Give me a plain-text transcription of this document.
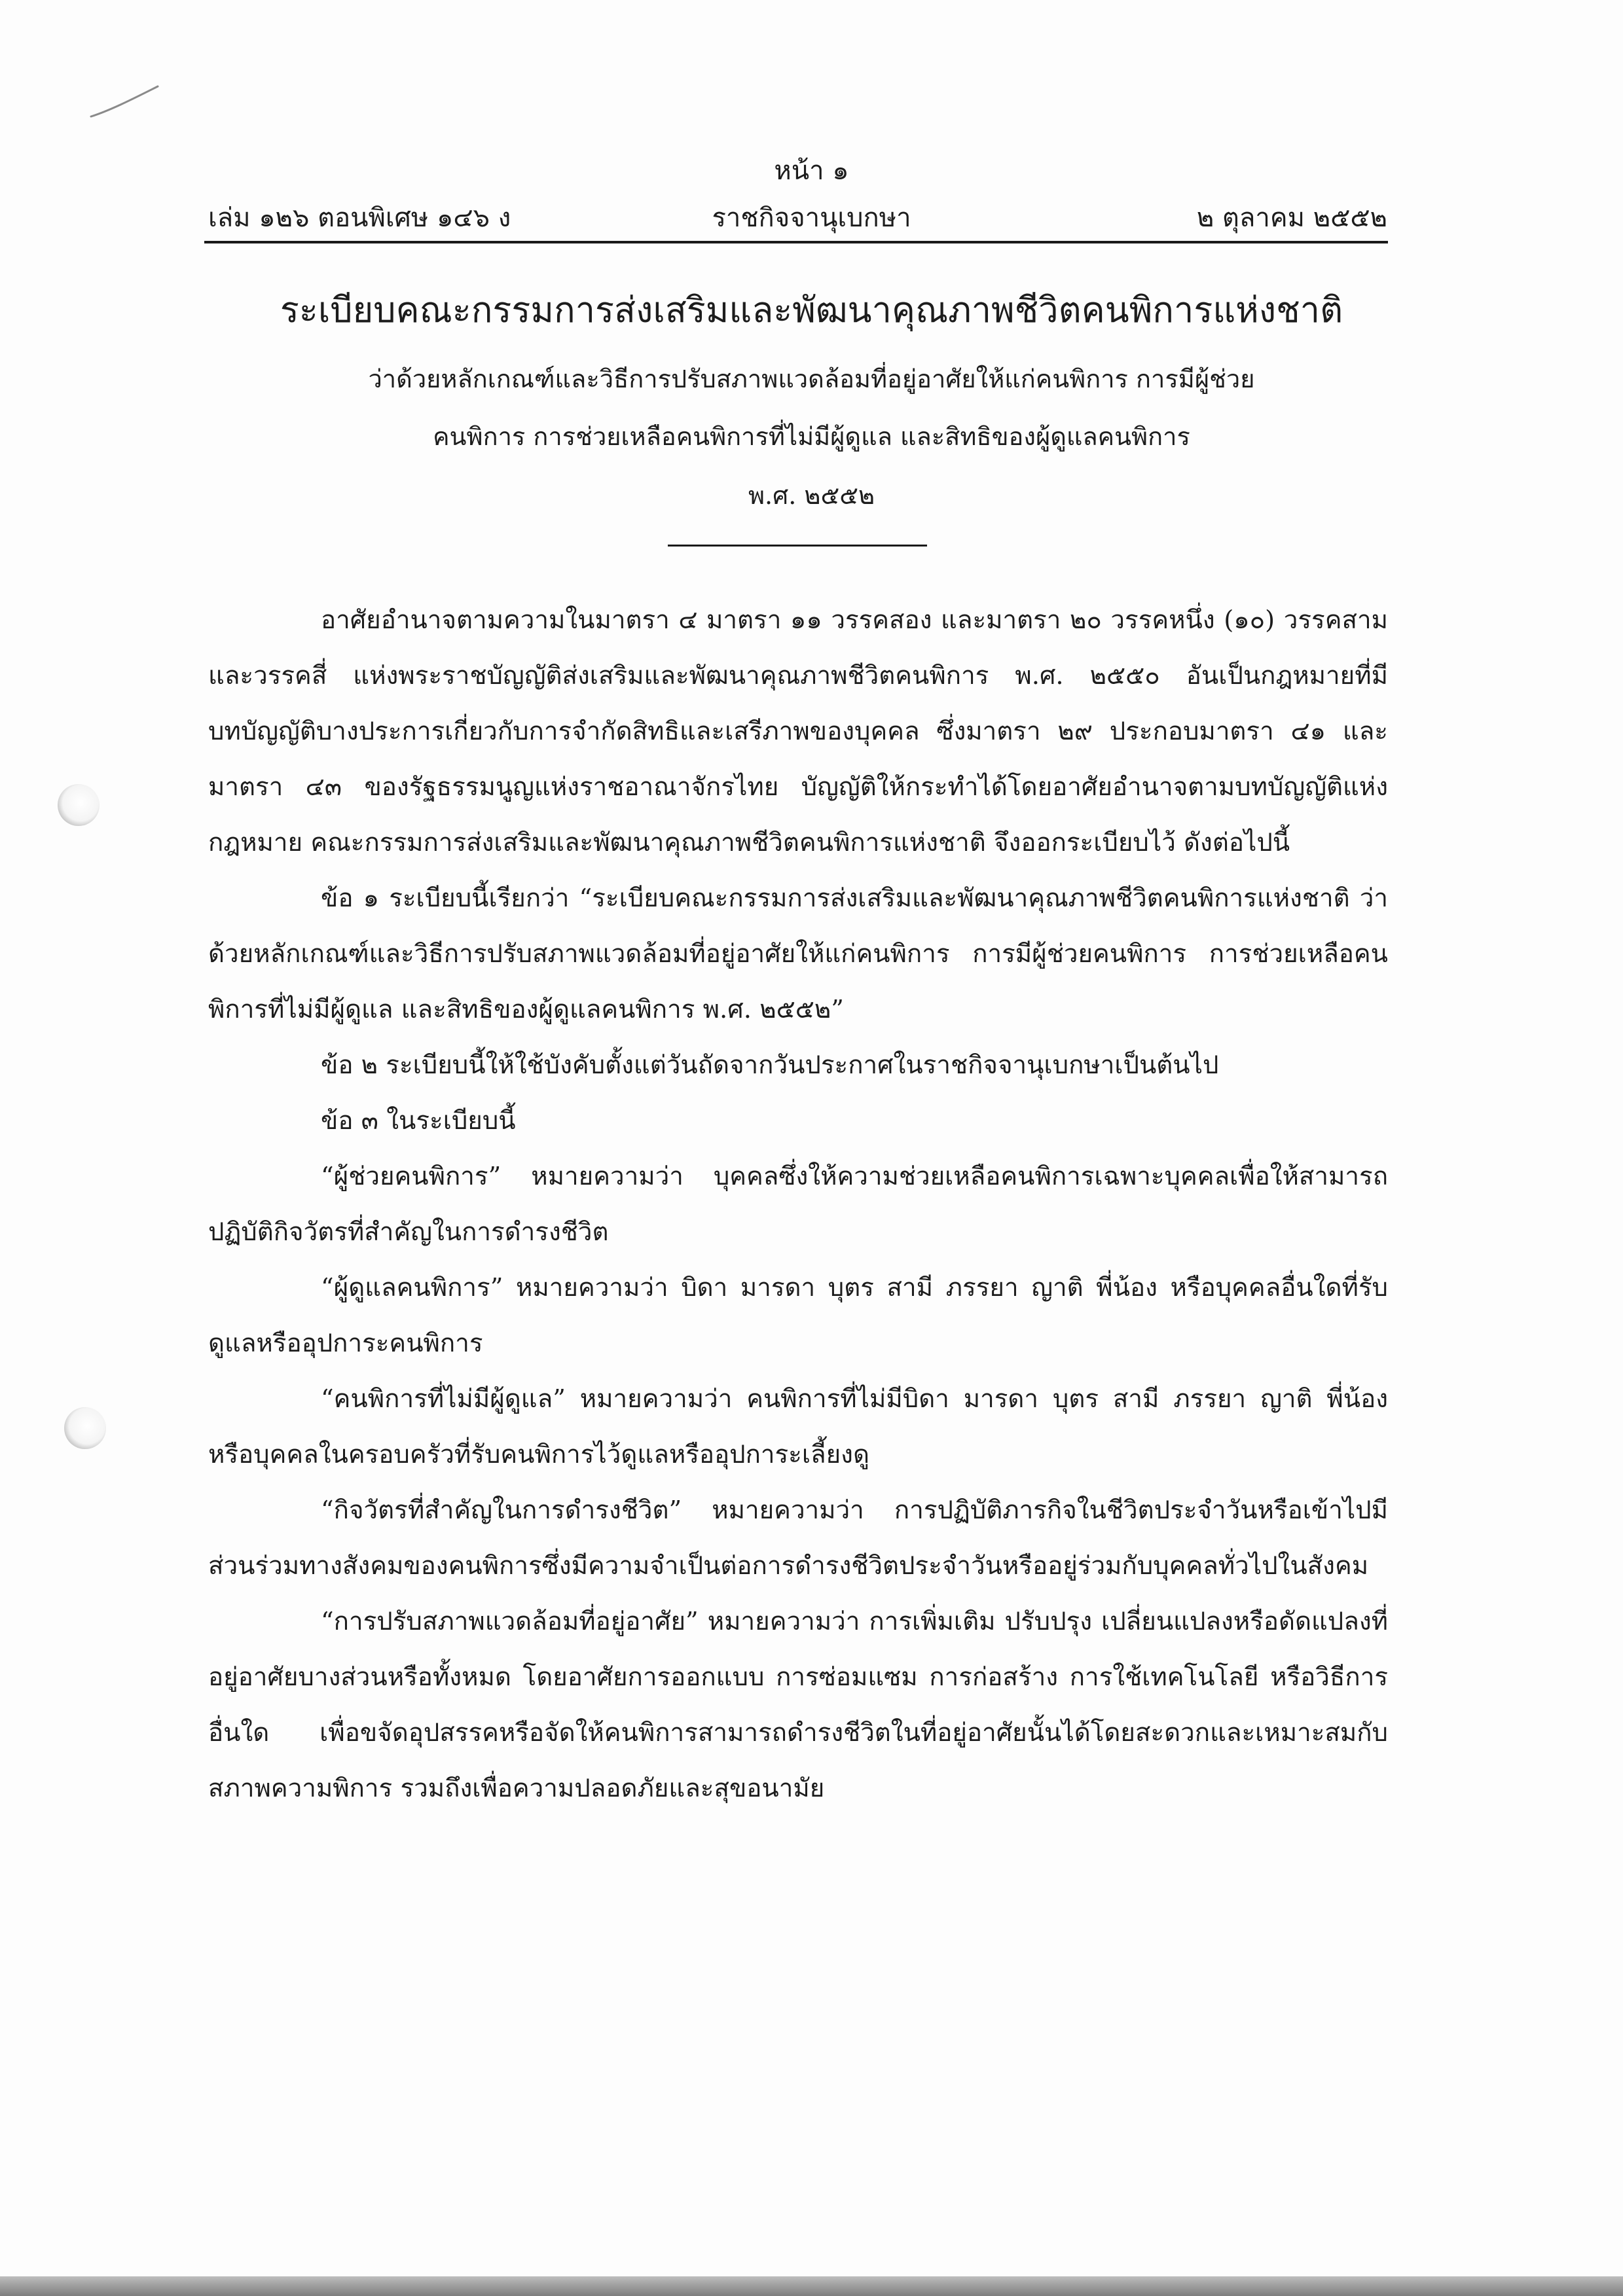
หน้า ๑
เล่ม ๑๒๖ ตอนพิเศษ ๑๔๖ ง	ราชกิจจานุเบกษา	๒ ตุลาคม ๒๕๕๒
ระเบียบคณะกรรมการส่งเสริมและพัฒนาคุณภาพชีวิตคนพิการแห่งชาติ
ว่าด้วยหลักเกณฑ์และวิธีการปรับสภาพแวดล้อมที่อยู่อาศัยให้แก่คนพิการ การมีผู้ช่วย
คนพิการ การช่วยเหลือคนพิการที่ไม่มีผู้ดูแล และสิทธิของผู้ดูแลคนพิการ
พ.ศ. ๒๕๕๒

อาศัยอำนาจตามความในมาตรา ๔ มาตรา ๑๑ วรรคสอง และมาตรา ๒๐ วรรคหนึ่ง (๑๐) วรรคสามและวรรคสี่ แห่งพระราชบัญญัติส่งเสริมและพัฒนาคุณภาพชีวิตคนพิการ พ.ศ. ๒๕๕๐ อันเป็นกฎหมายที่มีบทบัญญัติบางประการเกี่ยวกับการจำกัดสิทธิและเสรีภาพของบุคคล ซึ่งมาตรา ๒๙ ประกอบมาตรา ๔๑ และมาตรา ๔๓ ของรัฐธรรมนูญแห่งราชอาณาจักรไทย บัญญัติให้กระทำได้โดยอาศัยอำนาจตามบทบัญญัติแห่งกฎหมาย คณะกรรมการส่งเสริมและพัฒนาคุณภาพชีวิตคนพิการแห่งชาติ จึงออกระเบียบไว้ ดังต่อไปนี้

ข้อ ๑ ระเบียบนี้เรียกว่า “ระเบียบคณะกรรมการส่งเสริมและพัฒนาคุณภาพชีวิตคนพิการแห่งชาติ ว่าด้วยหลักเกณฑ์และวิธีการปรับสภาพแวดล้อมที่อยู่อาศัยให้แก่คนพิการ การมีผู้ช่วยคนพิการ การช่วยเหลือคนพิการที่ไม่มีผู้ดูแล และสิทธิของผู้ดูแลคนพิการ พ.ศ. ๒๕๕๒”

ข้อ ๒ ระเบียบนี้ให้ใช้บังคับตั้งแต่วันถัดจากวันประกาศในราชกิจจานุเบกษาเป็นต้นไป

ข้อ ๓ ในระเบียบนี้

“ผู้ช่วยคนพิการ” หมายความว่า บุคคลซึ่งให้ความช่วยเหลือคนพิการเฉพาะบุคคลเพื่อให้สามารถปฏิบัติกิจวัตรที่สำคัญในการดำรงชีวิต

“ผู้ดูแลคนพิการ” หมายความว่า บิดา มารดา บุตร สามี ภรรยา ญาติ พี่น้อง หรือบุคคลอื่นใดที่รับดูแลหรืออุปการะคนพิการ

“คนพิการที่ไม่มีผู้ดูแล” หมายความว่า คนพิการที่ไม่มีบิดา มารดา บุตร สามี ภรรยา ญาติ พี่น้อง หรือบุคคลในครอบครัวที่รับคนพิการไว้ดูแลหรืออุปการะเลี้ยงดู

“กิจวัตรที่สำคัญในการดำรงชีวิต” หมายความว่า การปฏิบัติภารกิจในชีวิตประจำวันหรือเข้าไปมีส่วนร่วมทางสังคมของคนพิการซึ่งมีความจำเป็นต่อการดำรงชีวิตประจำวันหรืออยู่ร่วมกับบุคคลทั่วไปในสังคม

“การปรับสภาพแวดล้อมที่อยู่อาศัย” หมายความว่า การเพิ่มเติม ปรับปรุง เปลี่ยนแปลงหรือดัดแปลงที่อยู่อาศัยบางส่วนหรือทั้งหมด โดยอาศัยการออกแบบ การซ่อมแซม การก่อสร้าง การใช้เทคโนโลยี หรือวิธีการอื่นใด เพื่อขจัดอุปสรรคหรือจัดให้คนพิการสามารถดำรงชีวิตในที่อยู่อาศัยนั้นได้โดยสะดวกและเหมาะสมกับสภาพความพิการ รวมถึงเพื่อความปลอดภัยและสุขอนามัย
